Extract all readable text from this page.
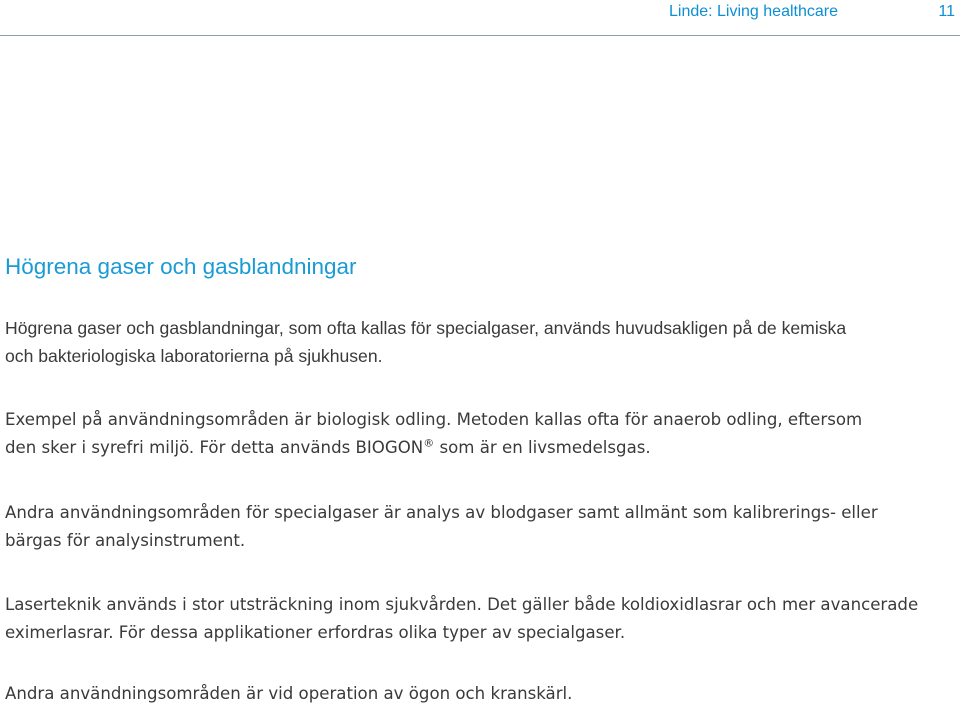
Linde: Living healthcare	11
Högrena gaser och gasblandningar

Högrena gaser och gasblandningar, som ofta kallas för specialgaser, används huvudsakligen på de kemiska
och bakteriologiska laboratorierna på sjukhusen.

Exempel på användningsområden är biologisk odling. Metoden kallas ofta för anaerob odling, eftersom
den sker i syrefri miljö. För detta används BIOGON® som är en livsmedelsgas.

Andra användningsområden för specialgaser är analys av blodgaser samt allmänt som kalibrerings- eller
bärgas för analysinstrument.

Laserteknik används i stor utsträckning inom sjukvården. Det gäller både koldioxidlasrar och mer avancerade
eximerlasrar. För dessa applikationer erfordras olika typer av specialgaser.

Andra användningsområden är vid operation av ögon och kranskärl.
